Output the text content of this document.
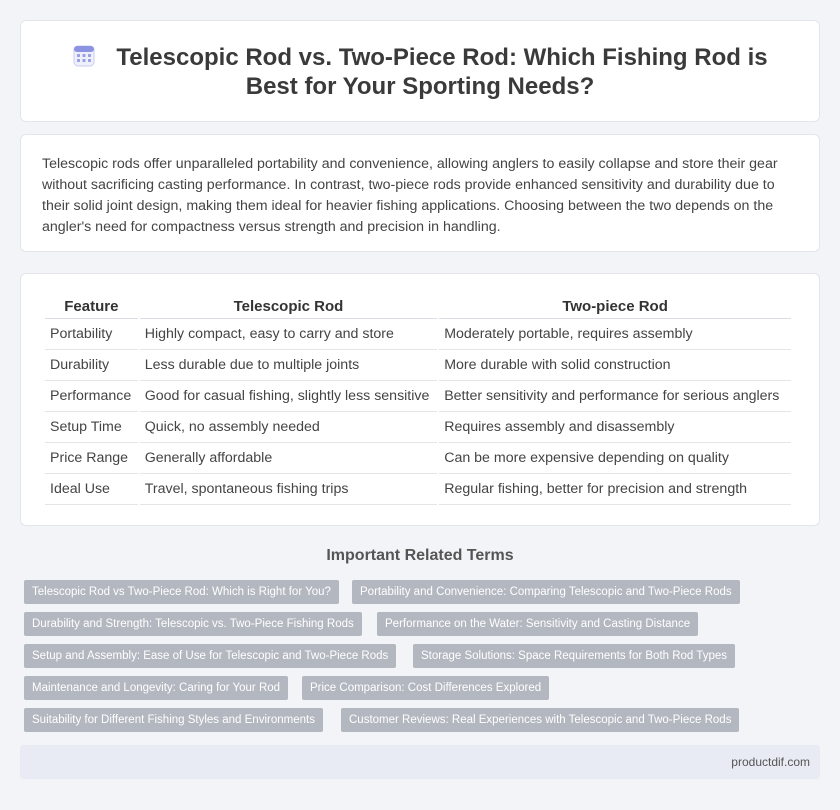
Telescopic Rod vs. Two-Piece Rod: Which Fishing Rod is Best for Your Sporting Needs?

Telescopic rods offer unparalleled portability and convenience, allowing anglers to easily collapse and store their gear without sacrificing casting performance. In contrast, two-piece rods provide enhanced sensitivity and durability due to their solid joint design, making them ideal for heavier fishing applications. Choosing between the two depends on the angler's need for compactness versus strength and precision in handling.

Feature	Telescopic Rod	Two-piece Rod
Portability	Highly compact, easy to carry and store	Moderately portable, requires assembly
Durability	Less durable due to multiple joints	More durable with solid construction
Performance	Good for casual fishing, slightly less sensitive	Better sensitivity and performance for serious anglers
Setup Time	Quick, no assembly needed	Requires assembly and disassembly
Price Range	Generally affordable	Can be more expensive depending on quality
Ideal Use	Travel, spontaneous fishing trips	Regular fishing, better for precision and strength
Important Related Terms
Telescopic Rod vs Two-Piece Rod: Which is Right for You?	Portability and Convenience: Comparing Telescopic and Two-Piece Rods
Durability and Strength: Telescopic vs. Two-Piece Fishing Rods	Performance on the Water: Sensitivity and Casting Distance
Setup and Assembly: Ease of Use for Telescopic and Two-Piece Rods	Storage Solutions: Space Requirements for Both Rod Types
Maintenance and Longevity: Caring for Your Rod	Price Comparison: Cost Differences Explored
Suitability for Different Fishing Styles and Environments	Customer Reviews: Real Experiences with Telescopic and Two-Piece Rods
productdif.com
